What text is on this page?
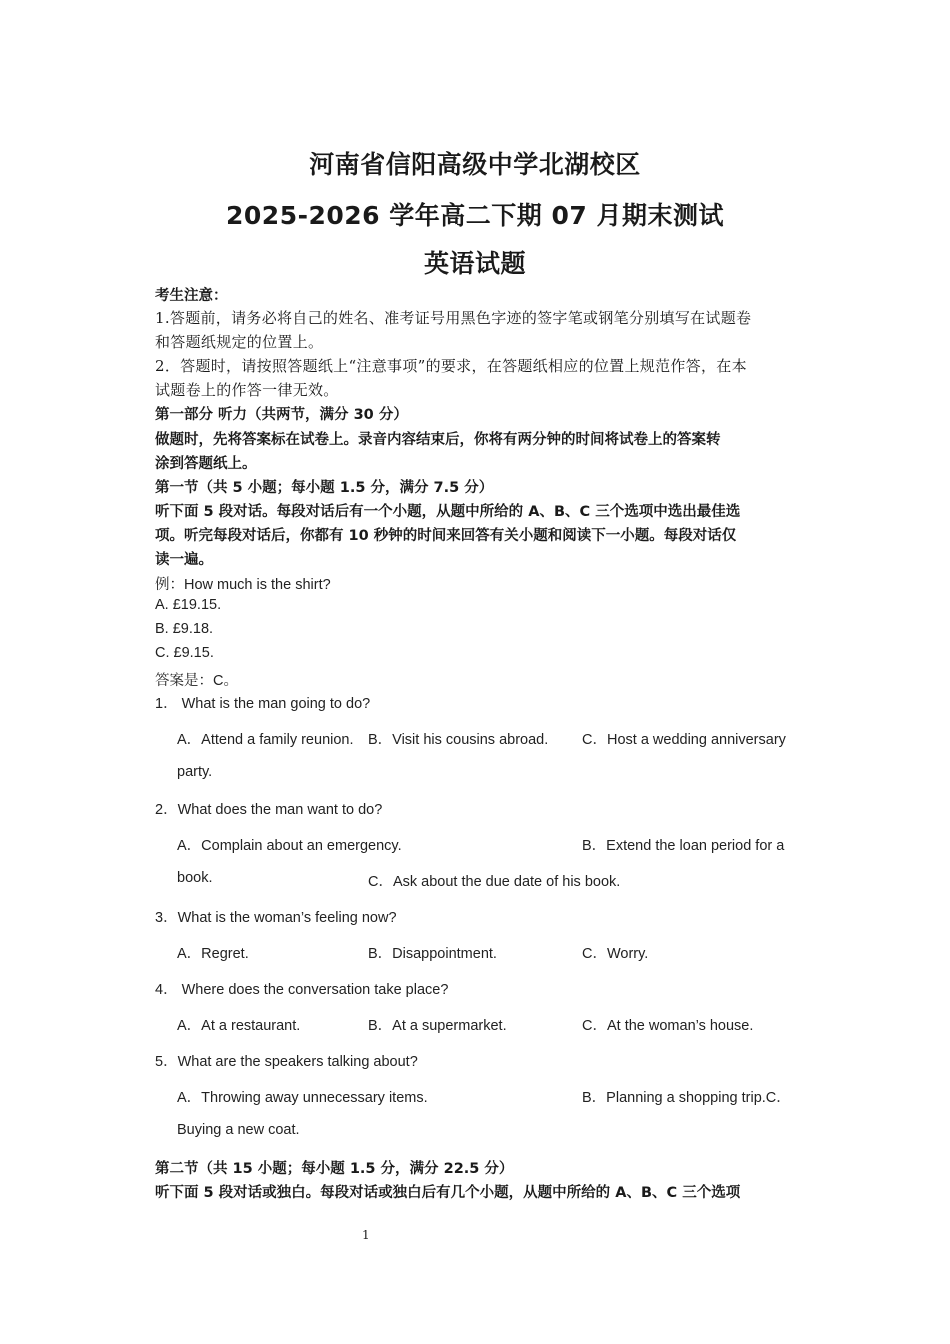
河南省信阳高级中学北湖校区
2025-2026 学年高二下期 07 月期末测试
英语试题
考生注意：
1.答题前，请务必将自己的姓名、准考证号用黑色字迹的签字笔或钢笔分别填写在试题卷
和答题纸规定的位置上。
2．答题时，请按照答题纸上“注意事项”的要求，在答题纸相应的位置上规范作答，在本
试题卷上的作答一律无效。
第一部分 听力（共两节，满分 30 分）
做题时，先将答案标在试卷上。录音内容结束后，你将有两分钟的时间将试卷上的答案转
涂到答题纸上。
第一节（共 5 小题；每小题 1.5 分，满分 7.5 分）
听下面 5 段对话。每段对话后有一个小题，从题中所给的 A、B、C 三个选项中选出最佳选
项。听完每段对话后，你都有 10 秒钟的时间来回答有关小题和阅读下一小题。每段对话仅
读一遍。
例：How much is the shirt?
A. £19.15.
B. £9.18.
C. £9.15.
答案是：C。
1． What is the man going to do?
A．Attend a family reunion. B．Visit his cousins abroad. C．Host a wedding anniversary
party.
2．What does the man want to do?
A．Complain about an emergency.	B．Extend the loan period for a
book.	C．Ask about the due date of his book.
3．What is the woman’s feeling now?
A．Regret.	B．Disappointment.	C．Worry.
4． Where does the conversation take place?
A．At a restaurant.	B．At a supermarket.	C．At the woman’s house.
5．What are the speakers talking about?
A．Throwing away unnecessary items.	B．Planning a shopping trip.C．
Buying a new coat.
第二节（共 15 小题；每小题 1.5 分，满分 22.5 分）
听下面 5 段对话或独白。每段对话或独白后有几个小题，从题中所给的 A、B、C 三个选项
1
